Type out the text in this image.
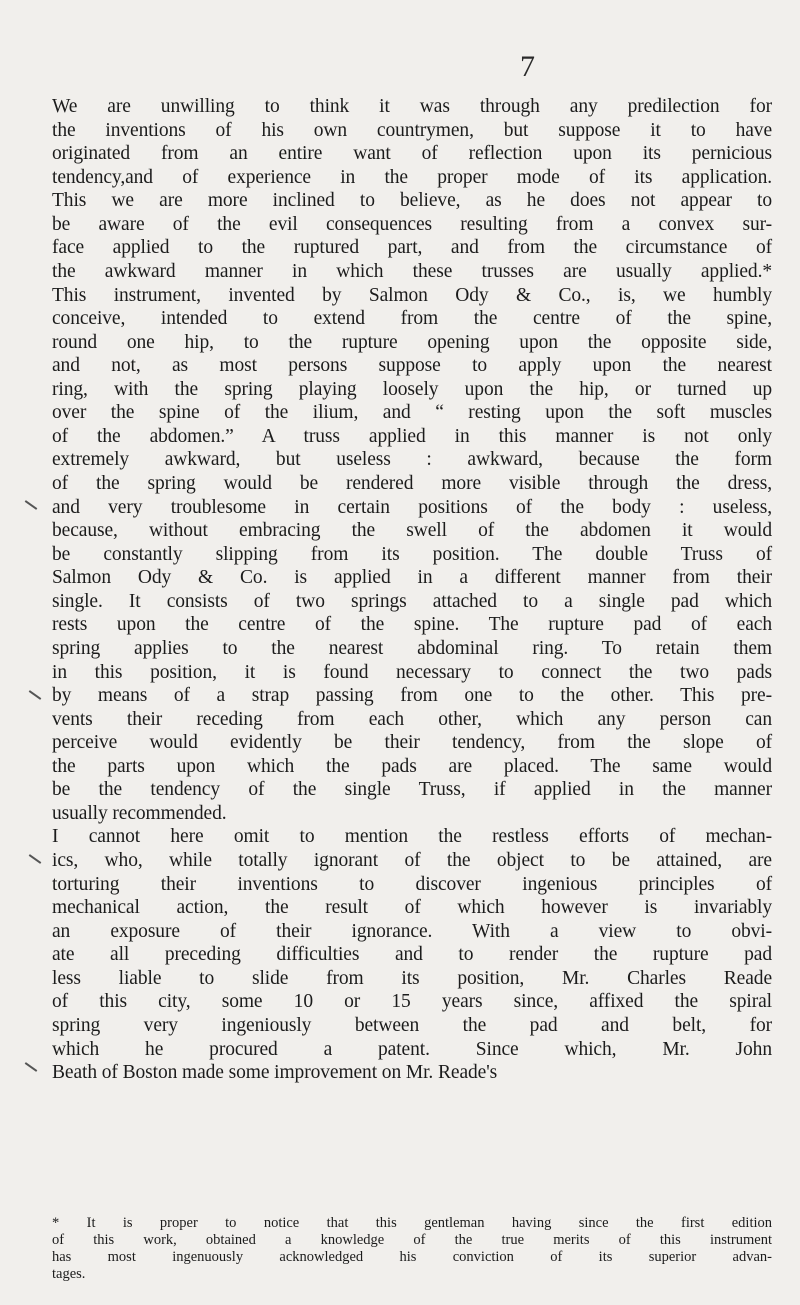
7
We are unwilling to think it was through any predilection for
the inventions of his own countrymen, but suppose it to have
originated from an entire want of reflection upon its pernicious
tendency,and of experience in the proper mode of its application.
This we are more inclined to believe, as he does not appear to
be aware of the evil consequences resulting from a convex sur-
face applied to the ruptured part, and from the circumstance of
the awkward manner in which these trusses are usually applied.*
This instrument, invented by Salmon Ody & Co., is, we humbly
conceive, intended to extend from the centre of the spine,
round one hip, to the rupture opening upon the opposite side,
and not, as most persons suppose to apply upon the nearest
ring, with the spring playing loosely upon the hip, or turned up
over the spine of the ilium, and “ resting upon the soft muscles
of the abdomen.” A truss applied in this manner is not only
extremely awkward, but useless : awkward, because the form
of the spring would be rendered more visible through the dress,
and very troublesome in certain positions of the body : useless,
because, without embracing the swell of the abdomen it would
be constantly slipping from its position. The double Truss of
Salmon Ody & Co. is applied in a different manner from their
single. It consists of two springs attached to a single pad which
rests upon the centre of the spine. The rupture pad of each
spring applies to the nearest abdominal ring. To retain them
in this position, it is found necessary to connect the two pads
by means of a strap passing from one to the other. This pre-
vents their receding from each other, which any person can
perceive would evidently be their tendency, from the slope of
the parts upon which the pads are placed. The same would
be the tendency of the single Truss, if applied in the manner
usually recommended.
I cannot here omit to mention the restless efforts of mechan-
ics, who, while totally ignorant of the object to be attained, are
torturing their inventions to discover ingenious principles of
mechanical action, the result of which however is invariably
an exposure of their ignorance. With a view to obvi-
ate all preceding difficulties and to render the rupture pad
less liable to slide from its position, Mr. Charles Reade
of this city, some 10 or 15 years since, affixed the spiral
spring very ingeniously between the pad and belt, for
which he procured a patent. Since which, Mr. John
Beath of Boston made some improvement on Mr. Reade's
* It is proper to notice that this gentleman having since the first edition
of this work, obtained a knowledge of the true merits of this instrument
has most ingenuously acknowledged his conviction of its superior advan-
tages.
